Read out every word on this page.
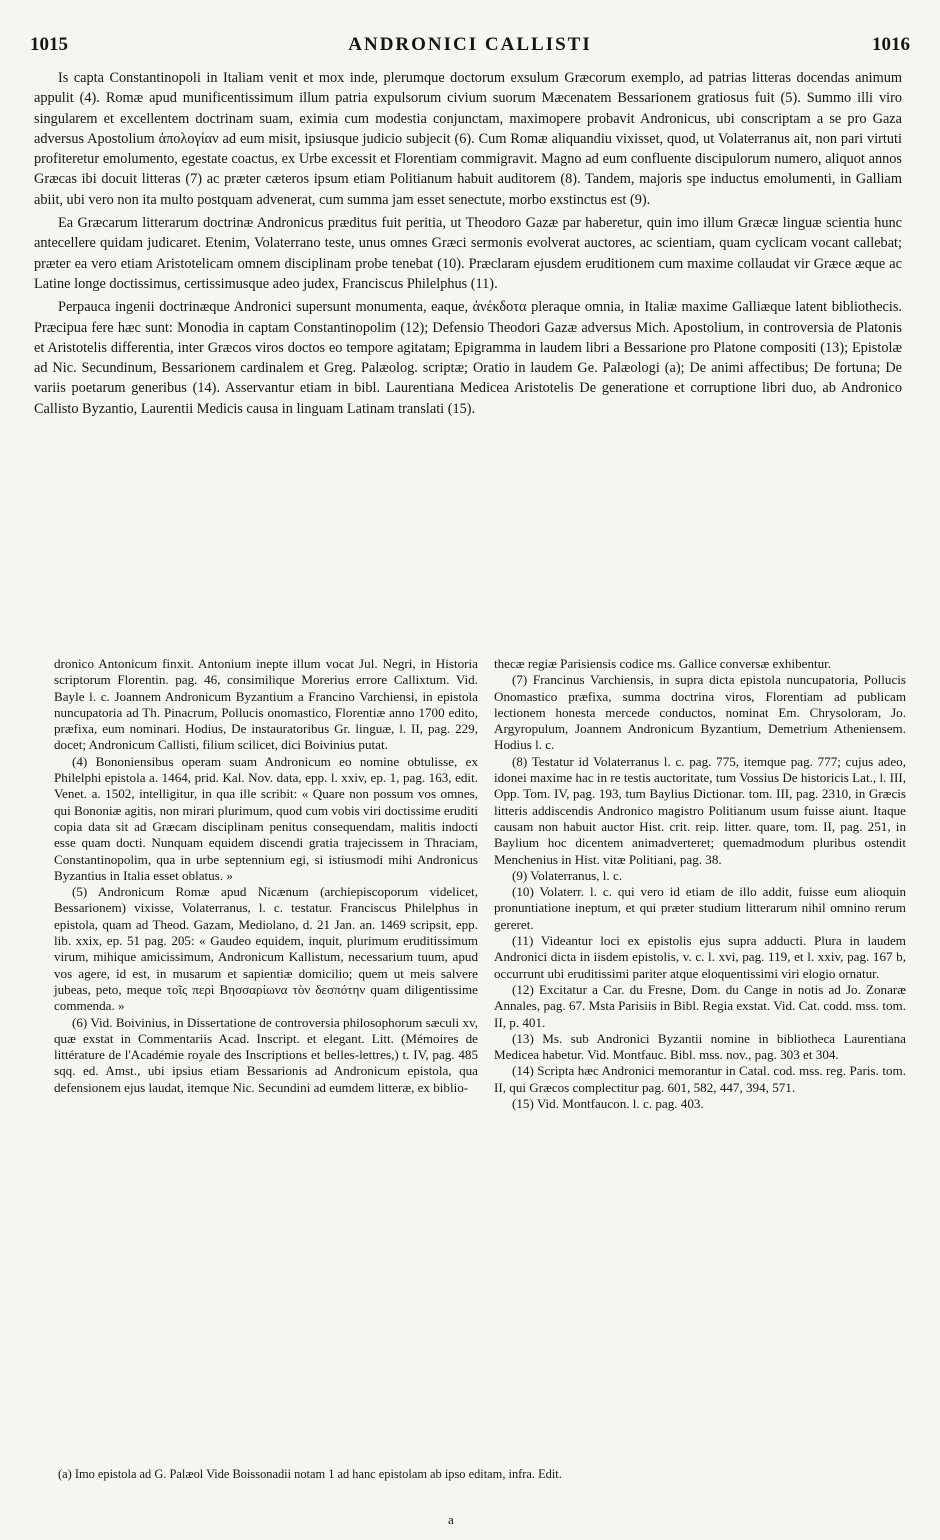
1015	ANDRONICI CALLISTI	1016

Is capta Constantinopoli in Italiam venit et mox inde, plerumque doctorum exsulum Græcorum exemplo, ad patrias litteras docendas animum appulit (4). Romæ apud munificentissimum illum patria expulsorum civium suorum Mæcenatem Bessarionem gratiosus fuit (5). Summo illi viro singularem et excellentem doctrinam suam, eximia cum modestia conjunctam, maximopere probavit Andronicus, ubi conscriptam a se pro Gaza adversus Apostolium ἀπολογίαν ad eum misit, ipsiusque judicio subjecit (6). Cum Romæ aliquandiu vixisset, quod, ut Volaterranus ait, non pari virtuti profiteretur emolumento, egestate coactus, ex Urbe excessit et Florentiam commigravit. Magno ad eum confluente discipulorum numero, aliquot annos Græcas ibi docuit litteras (7) ac præter cæteros ipsum etiam Politianum habuit auditorem (8). Tandem, majoris spe inductus emolumenti, in Galliam abiit, ubi vero non ita multo postquam advenerat, cum summa jam esset senectute, morbo exstinctus est (9).

Ea Græcarum litterarum doctrinæ Andronicus præditus fuit peritia, ut Theodoro Gazæ par haberetur, quin imo illum Græcæ linguæ scientia hunc antecellere quidam judicaret. Etenim, Volaterrano teste, unus omnes Græci sermonis evolverat auctores, ac scientiam, quam cyclicam vocant callebat; præter ea vero etiam Aristotelicam omnem disciplinam probe tenebat (10). Præclaram ejusdem eruditionem cum maxime collaudat vir Græce æque ac Latine longe doctissimus, certissimusque adeo judex, Franciscus Philelphus (11).

Perpauca ingenii doctrinæque Andronici supersunt monumenta, eaque, ἀνέκδοτα pleraque omnia, in Italiæ maxime Galliæque latent bibliothecis. Præcipua fere hæc sunt: Monodia in captam Constantinopolim (12); Defensio Theodori Gazæ adversus Mich. Apostolium, in controversia de Platonis et Aristotelis differentia, inter Græcos viros doctos eo tempore agitatam; Epigramma in laudem libri a Bessarione pro Platone compositi (13); Epistolæ ad Nic. Secundinum, Bessarionem cardinalem et Greg. Palæolog. scriptæ; Oratio in laudem Ge. Palæologi (a); De animi affectibus; De fortuna; De variis poetarum generibus (14). Asservantur etiam in bibl. Laurentiana Medicea Aristotelis De generatione et corruptione libri duo, ab Andronico Callisto Byzantio, Laurentii Medicis causa in linguam Latinam translati (15).

dronico Antonicum finxit. Antonium inepte illum vocat Jul. Negri, in Historia scriptorum Florentin. pag. 46, consimilique Morerius errore Callixtum. Vid. Bayle l. c. Joannem Andronicum Byzantium a Francino Varchiensi, in epistola nuncupatoria ad Th. Pinacrum, Pollucis onomastico, Florentiæ anno 1700 edito, præfixa, eum nominari. Hodius, De instauratoribus Gr. linguæ, l. II, pag. 229, docet; Andronicum Callisti, filium scilicet, dici Boivinius putat.

(4) Bononiensibus operam suam Andronicum eo nomine obtulisse, ex Philelphi epistola a. 1464, prid. Kal. Nov. data, epp. l. xxiv, ep. 1, pag. 163, edit. Venet. a. 1502, intelligitur, in qua ille scribit: « Quare non possum vos omnes, qui Bononiæ agitis, non mirari plurimum, quod cum vobis viri doctissime eruditi copia data sit ad Græcam disciplinam penitus consequendam, malitis indocti esse quam docti. Nunquam equidem discendi gratia trajecissem in Thraciam, Constantinopolim, qua in urbe septennium egi, si istiusmodi mihi Andronicus Byzantius in Italia esset oblatus. »

(5) Andronicum Romæ apud Nicænum (archiepiscoporum videlicet, Bessarionem) vixisse, Volaterranus, l. c. testatur. Franciscus Philelphus in epistola, quam ad Theod. Gazam, Mediolano, d. 21 Jan. an. 1469 scripsit, epp. lib. xxix, ep. 51 pag. 205: « Gaudeo equidem, inquit, plurimum eruditissimum virum, mihique amicissimum, Andronicum Kallistum, necessarium tuum, apud vos agere, id est, in musarum et sapientiæ domicilio; quem ut meis salvere jubeas, peto, meque τοῖς περὶ Βησσαρίωνα τὸν δεσπότην quam diligentissime commenda. »

(6) Vid. Boivinius, in Dissertatione de controversia philosophorum sæculi xv, quæ exstat in Commentariis Acad. Inscript. et elegant. Litt. (Mémoires de littérature de l'Académie royale des Inscriptions et belles-lettres,) t. IV, pag. 485 sqq. ed. Amst., ubi ipsius etiam Bessarionis ad Andronicum epistola, qua defensionem ejus laudat, itemque Nic. Secundini ad eumdem litteræ, ex biblio-

thecæ regiæ Parisiensis codice ms. Gallice conversæ exhibentur.

(7) Francinus Varchiensis, in supra dicta epistola nuncupatoria, Pollucis Onomastico præfixa, summa doctrina viros, Florentiam ad publicam lectionem honesta mercede conductos, nominat Em. Chrysoloram, Jo. Argyropulum, Joannem Andronicum Byzantium, Demetrium Atheniensem. Hodius l. c.

(8) Testatur id Volaterranus l. c. pag. 775, itemque pag. 777; cujus adeo, idonei maxime hac in re testis auctoritate, tum Vossius De historicis Lat., l. III, Opp. Tom. IV, pag. 193, tum Baylius Dictionar. tom. III, pag. 2310, in Græcis litteris addiscendis Andronico magistro Politianum usum fuisse aiunt. Itaque causam non habuit auctor Hist. crit. reip. litter. quare, tom. II, pag. 251, in Baylium hoc dicentem animadverteret; quemadmodum pluribus ostendit Menchenius in Hist. vitæ Politiani, pag. 38.

(9) Volaterranus, l. c.

(10) Volaterr. l. c. qui vero id etiam de illo addit, fuisse eum alioquin pronuntiatione ineptum, et qui præter studium litterarum nihil omnino rerum gereret.

(11) Videantur loci ex epistolis ejus supra adducti. Plura in laudem Andronici dicta in iisdem epistolis, v. c. l. xvi, pag. 119, et l. xxiv, pag. 167 b, occurrunt ubi eruditissimi pariter atque eloquentissimi viri elogio ornatur.

(12) Excitatur a Car. du Fresne, Dom. du Cange in notis ad Jo. Zonaræ Annales, pag. 67. Msta Parisiis in Bibl. Regia exstat. Vid. Cat. codd. mss. tom. II, p. 401.

(13) Ms. sub Andronici Byzantii nomine in bibliotheca Laurentiana Medicea habetur. Vid. Montfauc. Bibl. mss. nov., pag. 303 et 304.

(14) Scripta hæc Andronici memorantur in Catal. cod. mss. reg. Paris. tom. II, qui Græcos complectitur pag. 601, 582, 447, 394, 571.

(15) Vid. Montfaucon. l. c. pag. 403.

(a) Imo epistola ad G. Palæol Vide Boissonadii notam 1 ad hanc epistolam ab ipso editam, infra. Edit.
a
